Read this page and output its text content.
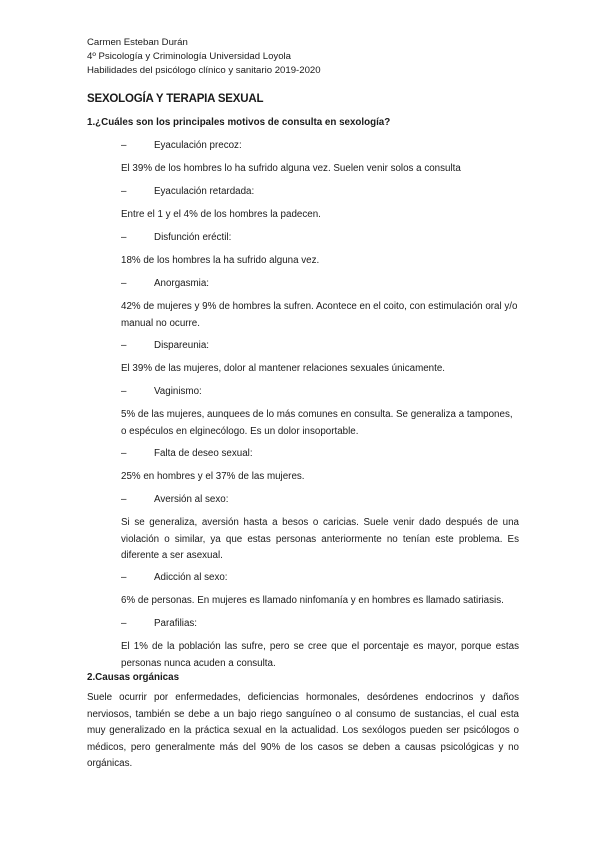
Carmen Esteban Durán
4º Psicología y Criminología Universidad Loyola
Habilidades del psicólogo clínico y sanitario 2019-2020
SEXOLOGÍA Y TERAPIA SEXUAL
1.¿Cuáles son los principales motivos de consulta en sexología?
–	Eyaculación precoz:
El 39% de los hombres lo ha sufrido alguna vez. Suelen venir solos a consulta
–	Eyaculación retardada:
Entre el 1 y el 4% de los hombres la padecen.
–	Disfunción eréctil:
18% de los hombres la ha sufrido alguna vez.
–	Anorgasmia:
42% de mujeres y 9% de hombres la sufren. Acontece en el coito, con estimulación oral y/o manual no ocurre.
–	Dispareunia:
El 39% de las mujeres, dolor al mantener relaciones sexuales únicamente.
–	Vaginismo:
5% de las mujeres, aunquees de lo más comunes en consulta. Se generaliza a tampones, o espéculos en elginecólogo. Es un dolor insoportable.
–	Falta de deseo sexual:
25% en hombres y el 37% de las mujeres.
–	Aversión al sexo:
Si se generaliza, aversión hasta a besos o caricias. Suele venir dado después de una violación o similar, ya que estas personas anteriormente no tenían este problema. Es diferente a ser asexual.
–	Adicción al sexo:
6% de personas. En mujeres es llamado ninfomanía y en hombres es llamado satiriasis.
–	Parafilias:
El 1% de la población las sufre, pero se cree que el porcentaje es mayor, porque estas personas nunca acuden a consulta.
2.Causas orgánicas
Suele ocurrir por enfermedades, deficiencias hormonales, desórdenes endocrinos y daños nerviosos, también se debe a un bajo riego sanguíneo o al consumo de sustancias, el cual esta muy generalizado en la práctica sexual en la actualidad. Los sexólogos pueden ser psicólogos o médicos, pero generalmente más del 90% de los casos se deben a causas psicológicas y no orgánicas.
